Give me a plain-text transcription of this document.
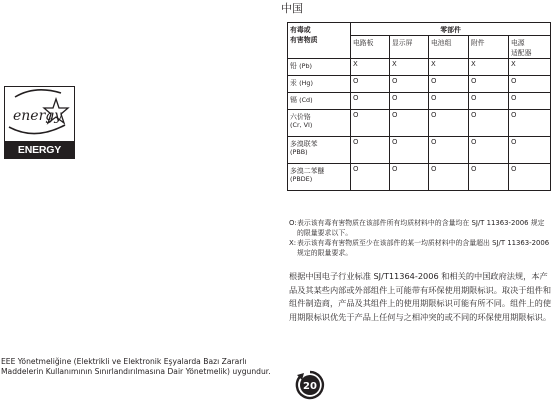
energy
ENERGY STAR
EEE Yönetmeliğine (Elektrikli ve Elektronik Eşyalarda Bazı Zararlı Maddelerin Kullanımının Sınırlandırılmasına Dair Yönetmelik) uygundur.
中国
有毒或
有害物质	零部件				
	电路板	显示屏	电池组	附件	电源
适配器
铅 (Pb)	X	X	X	X	X
汞 (Hg)	O	O	O	O	O
镉 (Cd)	O	O	O	O	O
六价铬
(Cr, VI)	O	O	O	O	O
多溴联苯
(PBB)	O	O	O	O	O
多溴二苯醚
(PBDE)	O	O	O	O	O
O: 表示该有毒有害物质在该部件所有均质材料中的含量均在 SJ/T 11363-2006 规定的限量要求以下。
X: 表示该有毒有害物质至少在该部件的某一均质材料中的含量超出 SJ/T 11363-2006 规定的限量要求。
根据中国电子行业标准 SJ/T11364-2006 和相关的中国政府法规，本产品及其某些内部或外部组件上可能带有环保使用期限标识。取决于组件和组件制造商，产品及其组件上的使用期限标识可能有所不同。组件上的使用期限标识优先于产品上任何与之相冲突的或不同的环保使用期限标识。
20
